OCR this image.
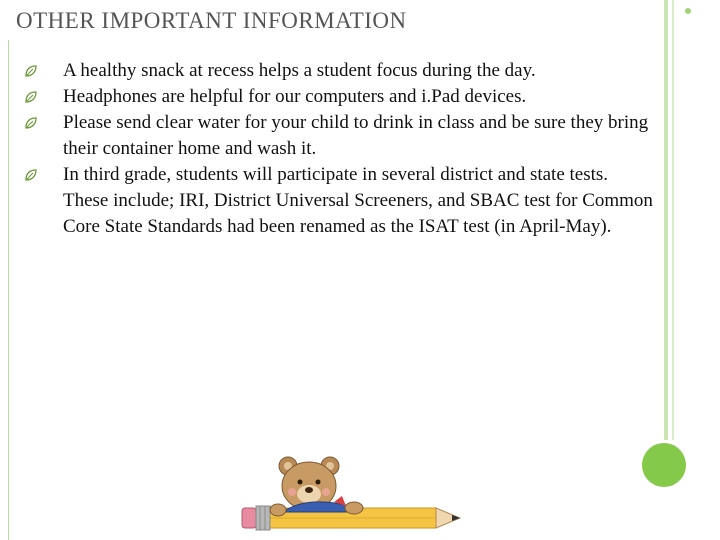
OTHER IMPORTANT INFORMATION
A healthy snack at recess helps a student focus during the day.
Headphones are helpful for our computers and i.Pad devices.
Please send clear water for your child to drink in class and be sure they bring their container home and wash it.
In third grade, students will participate in several district and state tests. These include; IRI, District Universal Screeners, and SBAC test for Common Core State Standards had been renamed as the ISAT test (in April-May).
